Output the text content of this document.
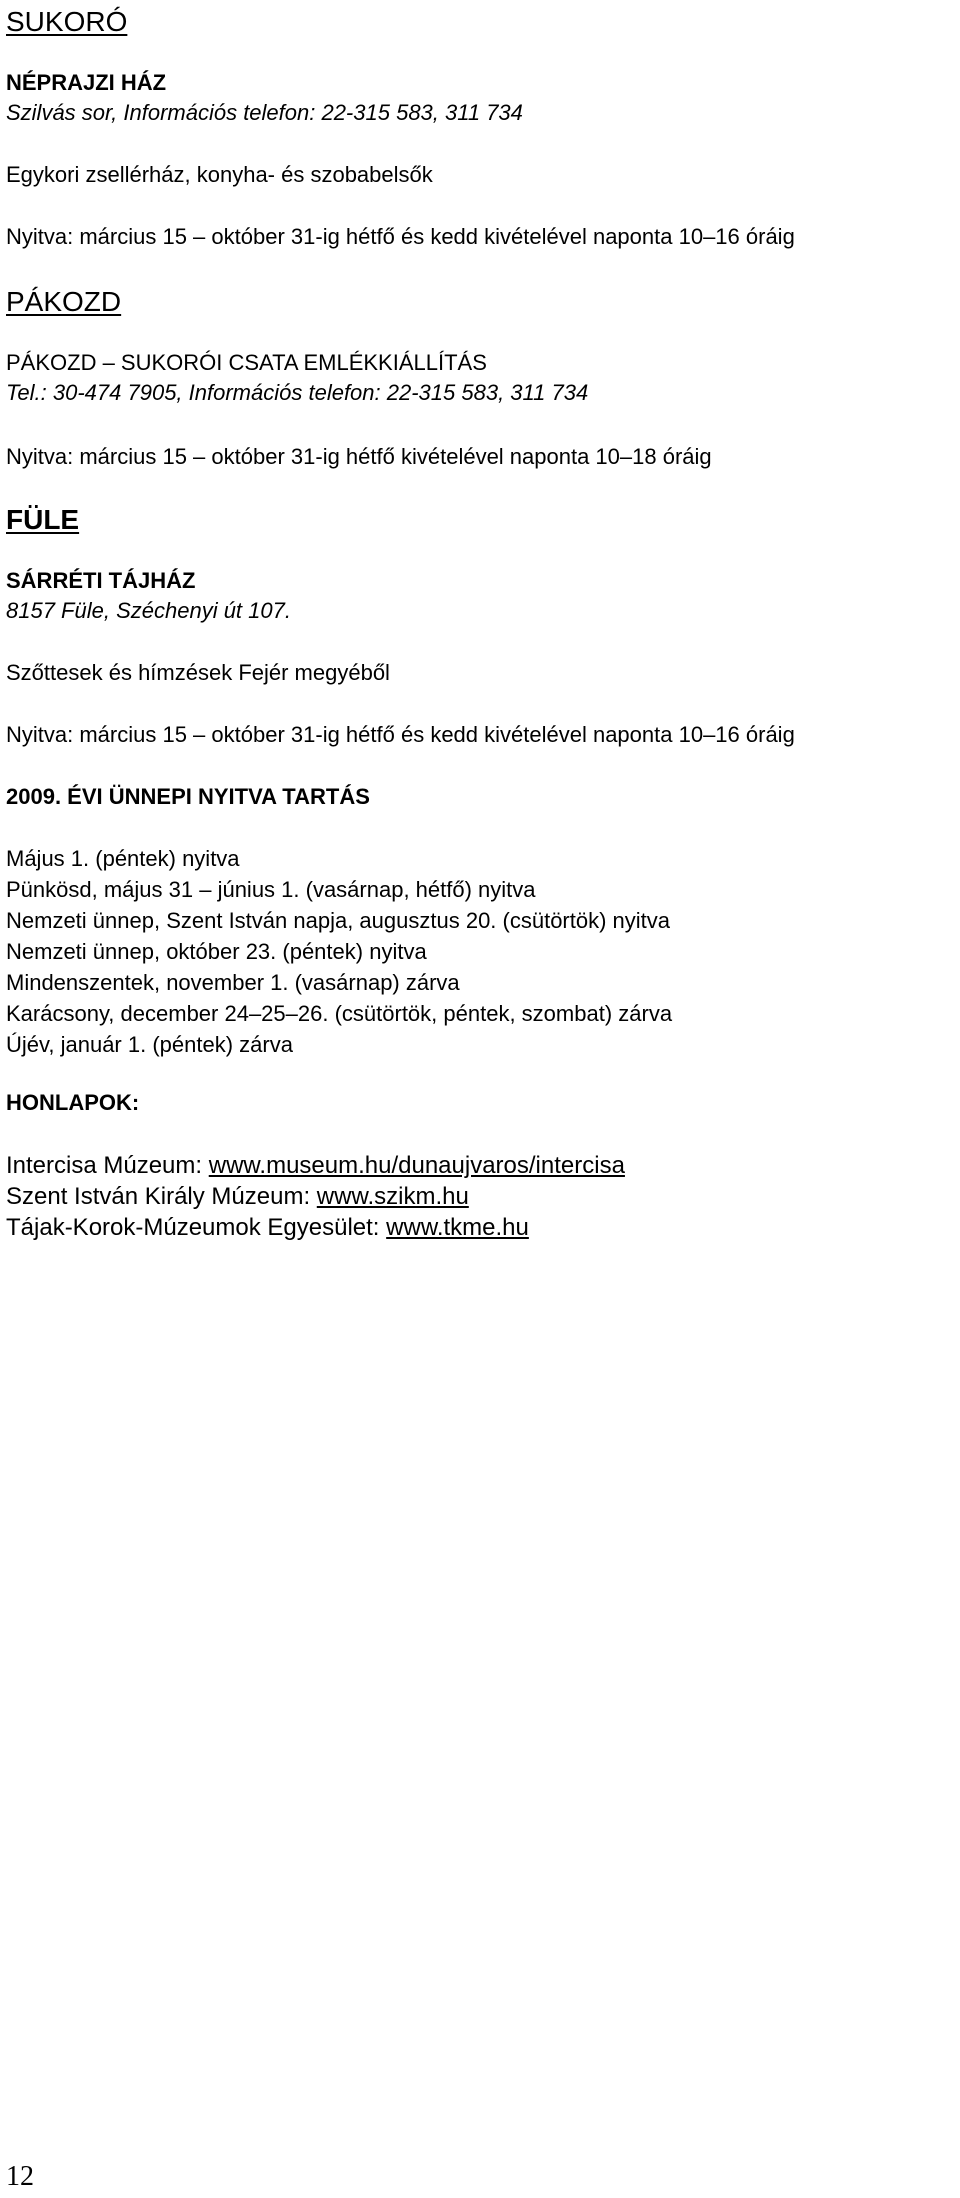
SUKORÓ

NÉPRAJZI HÁZ

Szilvás sor, Információs telefon: 22-315 583, 311 734

Egykori zsellérház, konyha- és szobabelsők

Nyitva: március 15 – október 31-ig hétfő és kedd kivételével naponta 10–16 óráig

PÁKOZD

PÁKOZD – SUKORÓI CSATA EMLÉKKIÁLLÍTÁS

Tel.: 30-474 7905, Információs telefon: 22-315 583, 311 734

Nyitva: március 15 – október 31-ig hétfő kivételével naponta 10–18 óráig

FÜLE

SÁRRÉTI TÁJHÁZ

8157 Füle, Széchenyi út 107.

Szőttesek és hímzések Fejér megyéből

Nyitva: március 15 – október 31-ig hétfő és kedd kivételével naponta 10–16 óráig

2009. ÉVI ÜNNEPI NYITVA TARTÁS

Május 1. (péntek) nyitva

Pünkösd, május 31 – június 1. (vasárnap, hétfő) nyitva

Nemzeti ünnep, Szent István napja, augusztus 20. (csütörtök) nyitva

Nemzeti ünnep, október 23. (péntek) nyitva

Mindenszentek, november 1. (vasárnap) zárva

Karácsony, december 24–25–26. (csütörtök, péntek, szombat) zárva

Újév, január 1. (péntek) zárva

HONLAPOK:

Intercisa Múzeum: www.museum.hu/dunaujvaros/intercisa

Szent István Király Múzeum: www.szikm.hu

Tájak-Korok-Múzeumok Egyesület: www.tkme.hu

12
